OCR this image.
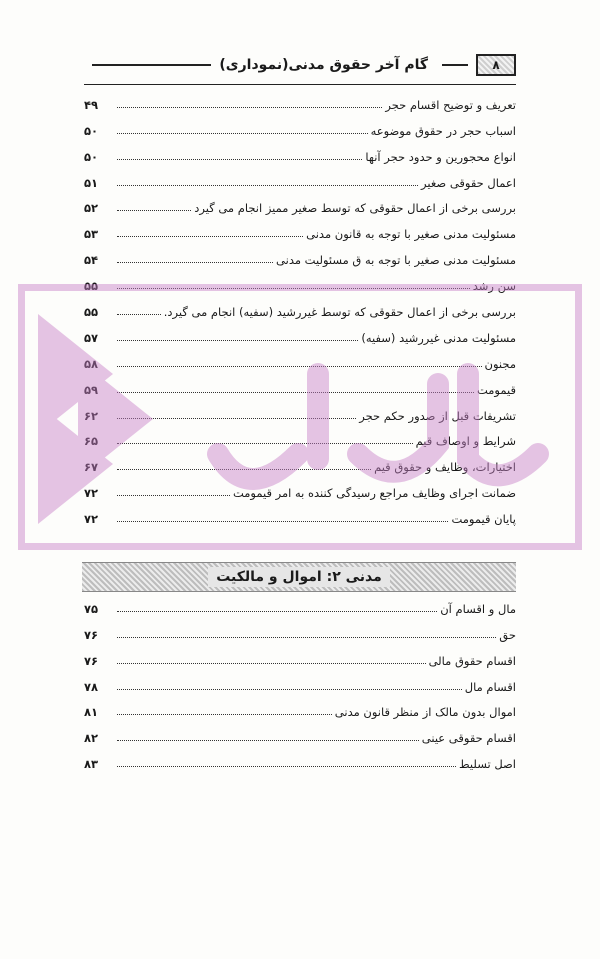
۸
گام آخر حقوق مدنی(نموداری)
تعریف و توضیح اقسام حجر
۴۹
اسباب حجر در حقوق موضوعه
۵۰
انواع محجورین و حدود حجر آنها
۵۰
اعمال حقوقی صغیر
۵۱
بررسی برخی از اعمال حقوقی که توسط صغیر ممیز انجام می گیرد
۵۲
مسئولیت مدنی صغیر با توجه به قانون مدنی
۵۳
مسئولیت مدنی صغیر با توجه به ق مسئولیت مدنی
۵۴
سن رشد
۵۵
بررسی برخی از اعمال حقوقی که توسط غیررشید (سفیه) انجام می گیرد.
۵۵
مسئولیت مدنی غیررشید (سفیه)
۵۷
مجنون
۵۸
قیمومت
۵۹
تشریفات قبل از صدور حکم حجر
۶۲
شرایط و اوصاف قیم
۶۵
اختیارات، وظایف و حقوق قیم
۶۷
ضمانت اجرای وظایف مراجع رسیدگی کننده به امر قیمومت
۷۲
پایان قیمومت
۷۲
مدنی ۲: اموال و مالکیت
مال و اقسام آن
۷۵
حق
۷۶
اقسام حقوق مالی
۷۶
اقسام مال
۷۸
اموال بدون مالک از منظر قانون مدنی
۸۱
اقسام حقوقی عینی
۸۲
اصل تسلیط
۸۳
